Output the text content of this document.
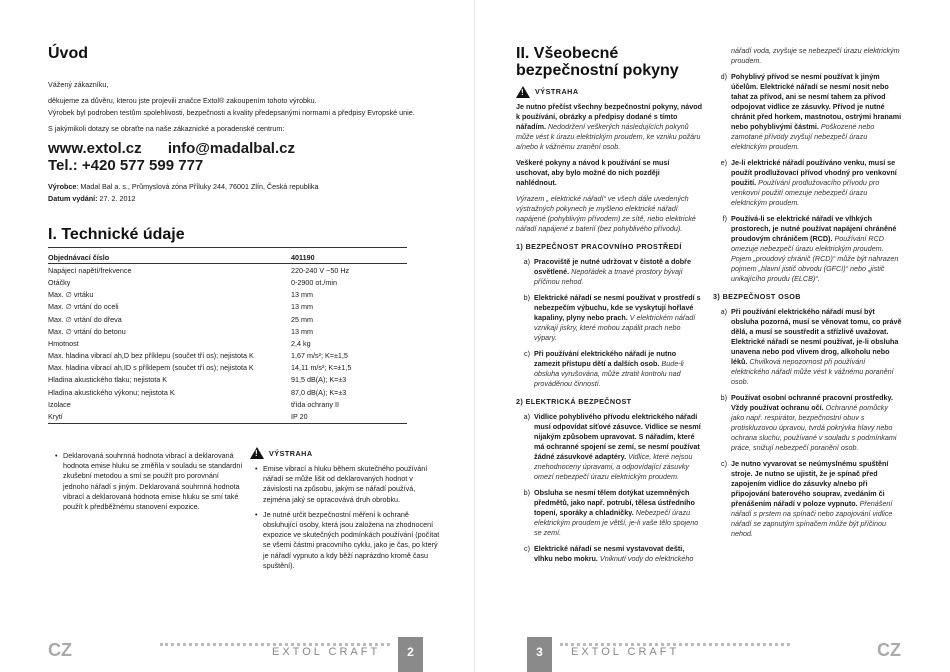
Úvod
Vážený zákazníku,
děkujeme za důvěru, kterou jste projevili značce Extol® zakoupením tohoto výrobku.
Výrobek byl podroben testům spolehlivosti, bezpečnosti a kvality předepsanými normami a předpisy Evropské unie.
S jakýmikoli dotazy se obraťte na naše zákaznické a poradenské centrum:
www.extol.cz info@madalbal.cz
Tel.: +420 577 599 777
Výrobce: Madal Bal a. s., Průmyslová zóna Příluky 244, 76001 Zlín, Česká republika
Datum vydání: 27. 2. 2012
I. Technické údaje
Objednávací číslo	401190
Napájecí napětí/frekvence	220-240 V ~50 Hz
Otáčky	0-2900 ot./min
Max. ∅ vrtáku	13 mm
Max. ∅ vrtání do oceli	13 mm
Max. ∅ vrtání do dřeva	25 mm
Max. ∅ vrtání do betonu	13 mm
Hmotnost	2,4 kg
Max. hladina vibrací ah,D bez příklepu (součet tří os); nejistota K	1,67 m/s²; K=±1,5
Max. hladina vibrací ah,ID s příklepem (součet tří os); nejistota K	14,11 m/s²; K=±1,5
Hladina akustického tlaku; nejistota K	91,5 dB(A); K=±3
Hladina akustického výkonu; nejistota K	87,0 dB(A); K=±3
Izolace	třída ochrany II
Krytí	IP 20
• Deklarovaná souhrnná hodnota vibrací a deklarovaná hodnota emise hluku se změřila v souladu se standardní zkušební metodou a smí se použít pro porovnání jednoho nářadí s jiným. Deklarovaná souhrnná hodnota vibrací a deklarovaná hodnota emise hluku se smí také použít k předběžnému stanovení expozice.
! VÝSTRAHA
• Emise vibrací a hluku během skutečného používání nářadí se může lišit od deklarovaných hodnot v závislosti na způsobu, jakým se nářadí používá, zejména jaký se opracovává druh obrobku.
• Je nutné určit bezpečnostní měření k ochraně obsluhující osoby, která jsou založena na zhodnocení expozice ve skutečných podmínkách používání (počítat se všemi částmi pracovního cyklu, jako je čas, po který je nářadí vypnuto a kdy běží naprázdno kromě času spuštění).
CZ	EXTOL CRAFT	2
II. Všeobecné
bezpečnostní pokyny
! VÝSTRAHA
Je nutno přečíst všechny bezpečnostní pokyny, návod k používání, obrázky a předpisy dodané s tímto nářadím. Nedodržení veškerých následujících pokynů může vést k úrazu elektrickým proudem, ke vzniku požáru a/nebo k vážnému zranění osob.
Veškeré pokyny a návod k používání se musí uschovat, aby bylo možné do nich později nahlédnout.
Výrazem „ elektrické nářadí“ ve všech dále uvedených výstražných pokynech je myšleno elektrické nářadí napájené (pohyblivým přívodem) ze sítě, nebo elektrické nářadí napájené z baterií (bez pohyblivého přívodu).
1) BEZPEČNOST PRACOVNÍHO PROSTŘEDÍ
a) Pracoviště je nutné udržovat v čistotě a dobře osvětlené. Nepořádek a tmavé prostory bývají příčinou nehod.
b) Elektrické nářadí se nesmí používat v prostředí s nebezpečím výbuchu, kde se vyskytují hořlavé kapaliny, plyny nebo prach. V elektrickém nářadí vznikají jiskry, které mohou zapálit prach nebo výpary.
c) Při používání elektrického nářadí je nutno zamezit přístupu dětí a dalších osob. Bude-li obsluha vyrušována, může ztratit kontrolu nad prováděnou činností.
2) ELEKTRICKÁ BEZPEČNOST
a) Vidlice pohyblivého přívodu elektrického nářadí musí odpovídat síťové zásuvce. Vidlice se nesmí nijakým způsobem upravovat. S nářadím, které má ochranné spojení se zemí, se nesmí používat žádné zásuvkové adaptéry. Vidlice, které nejsou znehodnoceny úpravami, a odpovídající zásuvky omezí nebezpečí úrazu elektrickým proudem.
b) Obsluha se nesmí tělem dotýkat uzemněných předmětů, jako např. potrubí, tělesa ústředního topení, sporáky a chladničky. Nebezpečí úrazu elektrickým proudem je větší, je-li vaše tělo spojeno se zemí.
c) Elektrické nářadí se nesmí vystavovat dešti, vlhku nebo mokru. Vniknutí vody do elektrického
nářadí voda, zvyšuje se nebezpečí úrazu elektrickým proudem.
d) Pohyblivý přívod se nesmí používat k jiným účelům. Elektrické nářadí se nesmí nosit nebo tahat za přívod, ani se nesmí tahem za přívod odpojovat vidlice ze zásuvky. Přívod je nutné chránit před horkem, mastnotou, ostrými hranami nebo pohyblivými částmi. Poškozené nebo zamotané přívody zvyšují nebezpečí úrazu elektrickým proudem.
e) Je-li elektrické nářadí používáno venku, musí se použít prodlužovací přívod vhodný pro venkovní použití. Používání prodlužovacího přívodu pro venkovní použití omezuje nebezpečí úrazu elektrickým proudem.
f) Používá-li se elektrické nářadí ve vlhkých prostorech, je nutné používat napájení chráněné proudovým chráničem (RCD). Používání RCD omezuje nebezpečí úrazu elektrickým proudem.
Pojem „proudový chránič (RCD)“ může být nahrazen pojmem „hlavní jistič obvodu (GFCI)“ nebo „jistič unikajícího proudu (ELCB)“.
3) BEZPEČNOST OSOB
a) Při používání elektrického nářadí musí být obsluha pozorná, musí se věnovat tomu, co právě dělá, a musí se soustředit a střízlivě uvažovat. Elektrické nářadí se nesmí používat, je-li obsluha unavena nebo pod vlivem drog, alkoholu nebo léků. Chvilková nepozornost při používání elektrického nářadí může vést k vážnému poranění osob.
b) Používat osobní ochranné pracovní prostředky. Vždy používat ochranu očí. Ochranné pomůcky jako např. respirátor, bezpečnostní obuv s protiskluzovou úpravou, tvrdá pokrývka hlavy nebo ochrana sluchu, používané v souladu s podmínkami práce, snižují nebezpečí poranění osob.
c) Je nutno vyvarovat se neúmyslnému spuštění stroje. Je nutno se ujistit, že je spínač před zapojením vidlice do zásuvky a/nebo při připojování baterového souprav, zvedáním či přenášením nářadí v poloze vypnuto. Přenášení nářadí s prstem na spínači nebo zapojování vidlice nářadí se zapnutým spínačem může být příčinou nehod.
3	EXTOL CRAFT	CZ
